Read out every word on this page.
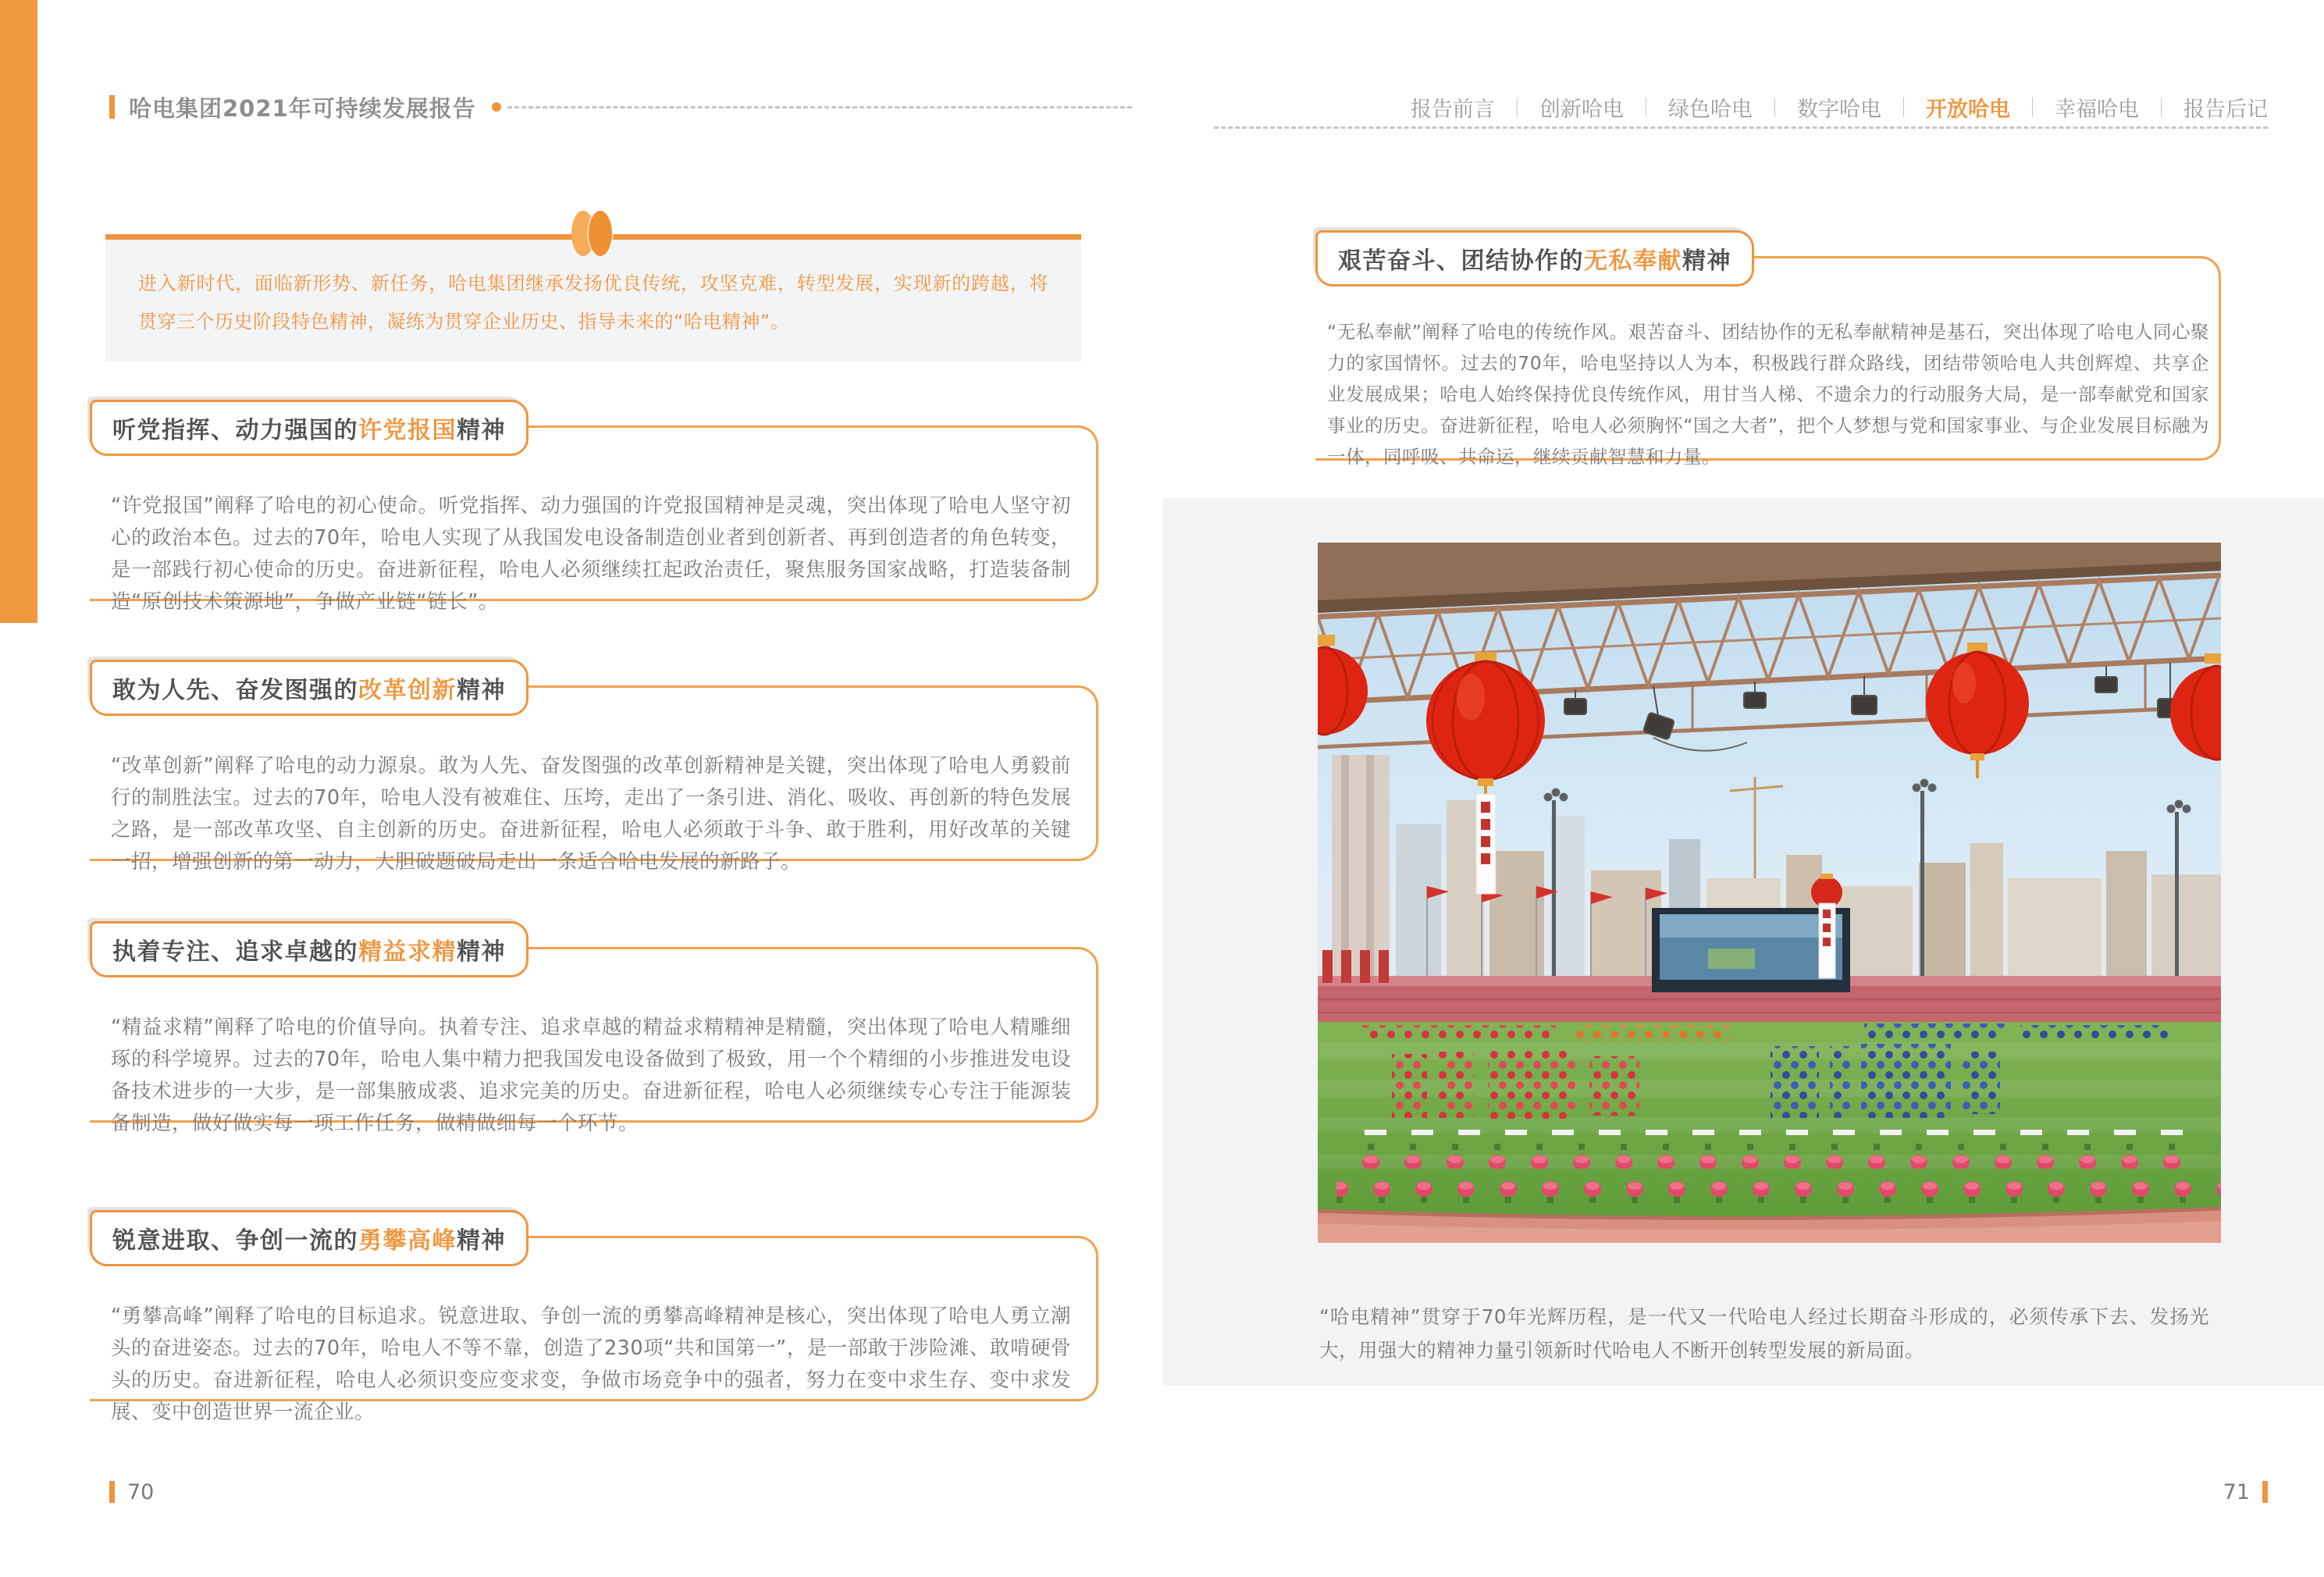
哈电集团2021年可持续发展报告	报告前言 ｜ 创新哈电 ｜ 绿色哈电 ｜ 数字哈电 ｜ 开放哈电 ｜ 幸福哈电 ｜ 报告后记
进入新时代，面临新形势、新任务，哈电集团继承发扬优良传统，攻坚克难，转型发展，实现新的跨越，将贯穿三个历史阶段特色精神，凝练为贯穿企业历史、指导未来的“哈电精神”。
听党指挥、动力强国的 许党报国 精神

“许党报国”阐释了哈电的初心使命。听党指挥、动力强国的许党报国精神是灵魂，突出体现了哈电人坚守初心的政治本色。过去的70年，哈电人实现了从我国发电设备制造创业者到创新者、再到创造者的角色转变，是一部践行初心使命的历史。奋进新征程，哈电人必须继续扛起政治责任，聚焦服务国家战略，打造装备制造“原创技术策源地”，争做产业链“链长”。

敢为人先、奋发图强的 改革创新 精神

“改革创新”阐释了哈电的动力源泉。敢为人先、奋发图强的改革创新精神是关键，突出体现了哈电人勇毅前行的制胜法宝。过去的70年，哈电人没有被难住、压垮，走出了一条引进、消化、吸收、再创新的特色发展之路，是一部改革攻坚、自主创新的历史。奋进新征程，哈电人必须敢于斗争、敢于胜利，用好改革的关键一招，增强创新的第一动力，大胆破题破局走出一条适合哈电发展的新路子。

执着专注、追求卓越的 精益求精 精神

“精益求精”阐释了哈电的价值导向。执着专注、追求卓越的精益求精精神是精髓，突出体现了哈电人精雕细琢的科学境界。过去的70年，哈电人集中精力把我国发电设备做到了极致，用一个个精细的小步推进发电设备技术进步的一大步，是一部集腋成裘、追求完美的历史。奋进新征程，哈电人必须继续专心专注于能源装备制造，做好做实每一项工作任务，做精做细每一个环节。

锐意进取、争创一流的 勇攀高峰 精神

“勇攀高峰”阐释了哈电的目标追求。锐意进取、争创一流的勇攀高峰精神是核心，突出体现了哈电人勇立潮头的奋进姿态。过去的70年，哈电人不等不靠，创造了230项“共和国第一”，是一部敢于涉险滩、敢啃硬骨头的历史。奋进新征程，哈电人必须识变应变求变，争做市场竞争中的强者，努力在变中求生存、变中求发展、变中创造世界一流企业。

艰苦奋斗、团结协作的 无私奉献 精神

“无私奉献”阐释了哈电的传统作风。艰苦奋斗、团结协作的无私奉献精神是基石，突出体现了哈电人同心聚力的家国情怀。过去的70年，哈电坚持以人为本，积极践行群众路线，团结带领哈电人共创辉煌、共享企业发展成果；哈电人始终保持优良传统作风，用甘当人梯、不遗余力的行动服务大局，是一部奉献党和国家事业的历史。奋进新征程，哈电人必须胸怀“国之大者”，把个人梦想与党和国家事业、与企业发展目标融为一体，同呼吸、共命运，继续贡献智慧和力量。

“哈电精神”贯穿于70年光辉历程，是一代又一代哈电人经过长期奋斗形成的，必须传承下去、发扬光大，用强大的精神力量引领新时代哈电人不断开创转型发展的新局面。

70	71
